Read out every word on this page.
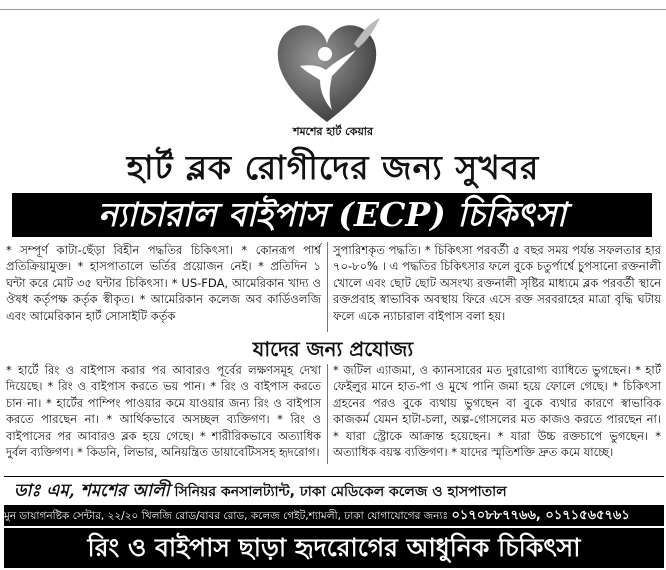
শমশের হার্ট কেয়ার
হার্ট ব্লক রোগীদের জন্য সুখবর
ন্যাচারাল বাইপাস (ECP) চিকিৎসা
* সম্পূর্ণ কাটা-ছেঁড়া বিহীন পদ্ধতির চিকিৎসা। * কোনরূপ পার্শ্ব প্রতিক্রিয়ামুক্ত। * হাসপাতালে ভর্তির প্রয়োজন নেই। * প্রতিদিন ১ ঘন্টা করে মোট ৩৫ ঘন্টার চিকিৎসা। * US-FDA, আমেরিকান খাদ্য ও ঔষধ কর্তৃপক্ষ কর্তৃক স্বীকৃত। * আমেরিকান কলেজ অব কার্ডিওলজি এবং আমেরিকান হার্ট সোসাইটি কর্তৃক
সুপারিশকৃত পদ্ধতি। * চিকিৎসা পরবর্তী ৫ বছর সময় পর্যন্ত সফলতার হার ৭০-৮০% । এ পদ্ধতির চিকিৎসার ফলে বুকে চতুর্পার্শ্বে চুপসানো রক্তনালী খোলে এবং ছোট ছোট অসংখ্য রক্তনালী সৃষ্টির মাধ্যমে ব্লক পরবর্তী স্থানে রক্তপ্রবাহ স্বাভাবিক অবস্থায় ফিরে এসে রক্ত সরবরাহের মাত্রা বৃদ্ধি ঘটায় ফলে একে ন্যাচারাল বাইপাস বলা হয়।
যাদের জন্য প্রযোজ্য
* হার্টে রিং ও বাইপাস করার পর আবারও পূর্বের লক্ষণসমূহ দেখা দিয়েছে। * রিং ও বাইপাস করতে ভয় পান। * রিং ও বাইপাস করতে চান না। * হার্টের পাম্পিং পাওয়ার কমে যাওয়ার জন্য রিং ও বাইপাস করতে পারছেন না। * আর্থিকভাবে অসচ্ছল ব্যক্তিগণ। * রিং ও বাইপাসের পর আবারও ব্লক হয়ে গেছে। * শারীরিকভাবে অত্যাধিক দুর্বল ব্যক্তিগণ। * কিডনি, লিভার, অনিয়ন্ত্রিত ডায়াবেটিসসহ হৃদরোগ।
* জটিল এ্যাজমা, ও ক্যানসারের মত দুরারোগ্য ব্যাধিতে ভুগছেন। * হার্ট ফেইলুর মানে হাত-পা ও মুখে পানি জমা হয়ে ফোলে গেছে। * চিকিৎসা গ্রহনের পরও বুকে ব্যথায় ভুগছেন বা বুকে ব্যথার কারণে স্বাভাবিক কাজকর্ম যেমন হাটা-চলা, অল্প-গোসলের মত কাজও করতে পারছেন না। * যারা স্ট্রোকে আক্রান্ত হয়েছেন। * যারা উচ্চ রক্তচাপে ভুগছেন। * অত্যাধিক বয়স্ক ব্যক্তিগণ। * যাদের স্মৃতিশক্তি দ্রুত কমে যাচ্ছে।
ডাঃ এম, শমশের আলী সিনিয়র কনসালট্যান্ট, ঢাকা মেডিকেল কলেজ ও হাসপাতাল
মুন ডায়াগনষ্টিক সেন্টার, ২২/২০ খিলজি রোড/বাবর রোড, কলেজ গেইট,শ্যামলী, ঢাকা যোগাযোগের জন্যঃ ০১৭০৮৮৭৭৬৬, ০১৭১৫৬৫৭৬১
রিং ও বাইপাস ছাড়া হৃদরোগের আধুনিক চিকিৎসা
